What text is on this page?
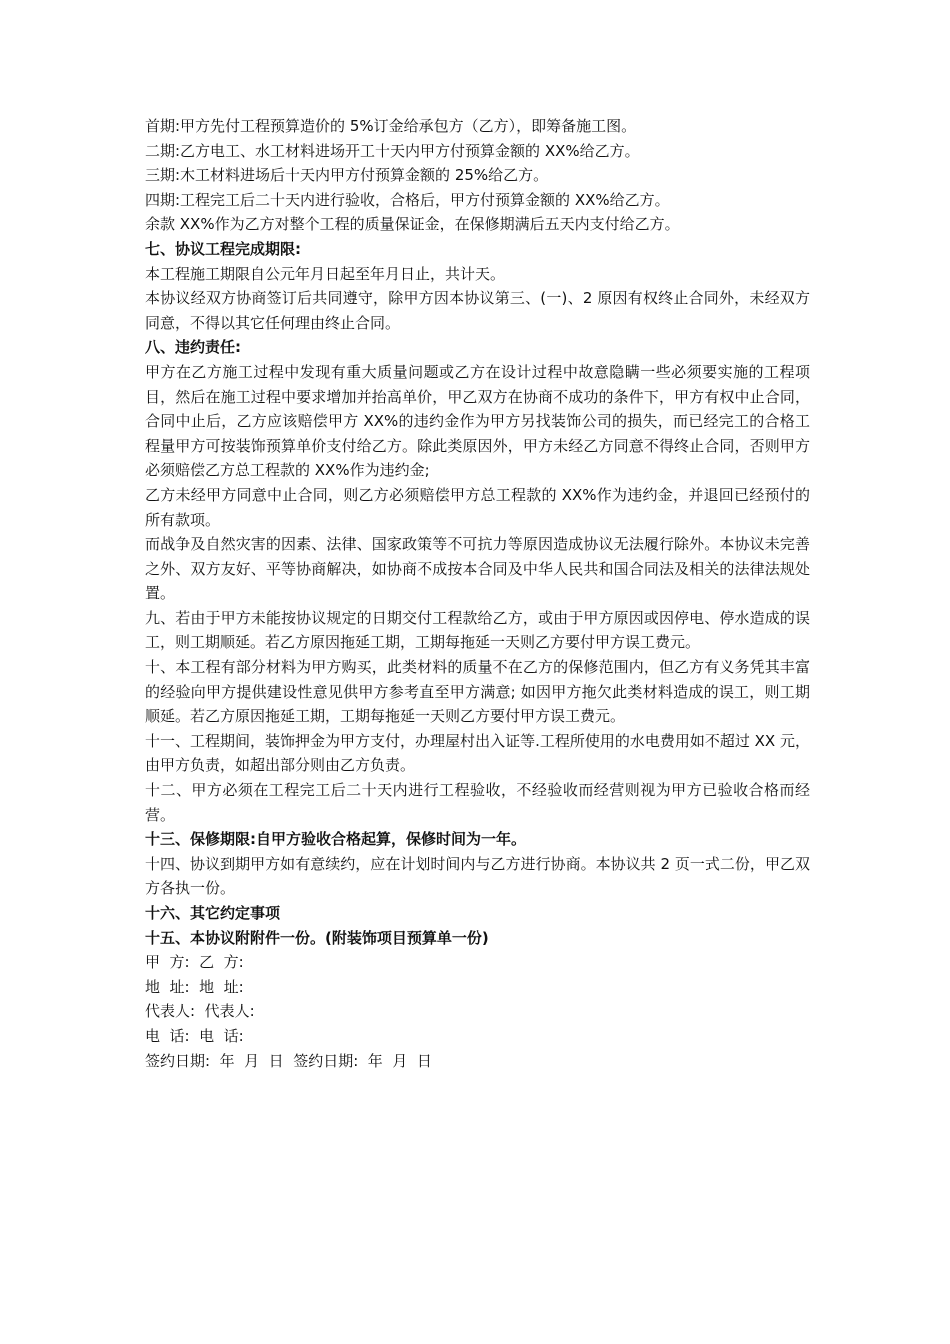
首期:甲方先付工程预算造价的 5%订金给承包方（乙方），即筹备施工图。

二期:乙方电工、水工材料进场开工十天内甲方付预算金额的 XX%给乙方。

三期:木工材料进场后十天内甲方付预算金额的 25%给乙方。

四期:工程完工后二十天内进行验收，合格后，甲方付预算金额的 XX%给乙方。

余款 XX%作为乙方对整个工程的质量保证金，在保修期满后五天内支付给乙方。

七、协议工程完成期限:

本工程施工期限自公元年月日起至年月日止，共计天。

本协议经双方协商签订后共同遵守，除甲方因本协议第三、(一)、2 原因有权终止合同外，未经双方同意，不得以其它任何理由终止合同。

八、违约责任:

甲方在乙方施工过程中发现有重大质量问题或乙方在设计过程中故意隐瞒一些必须要实施的工程项目，然后在施工过程中要求增加并抬高单价，甲乙双方在协商不成功的条件下，甲方有权中止合同，合同中止后，乙方应该赔偿甲方 XX%的违约金作为甲方另找装饰公司的损失，而已经完工的合格工程量甲方可按装饰预算单价支付给乙方。除此类原因外，甲方未经乙方同意不得终止合同，否则甲方必须赔偿乙方总工程款的 XX%作为违约金;

乙方未经甲方同意中止合同，则乙方必须赔偿甲方总工程款的 XX%作为违约金，并退回已经预付的所有款项。

而战争及自然灾害的因素、法律、国家政策等不可抗力等原因造成协议无法履行除外。本协议未完善之外、双方友好、平等协商解决，如协商不成按本合同及中华人民共和国合同法及相关的法律法规处置。

九、若由于甲方未能按协议规定的日期交付工程款给乙方，或由于甲方原因或因停电、停水造成的误工，则工期顺延。若乙方原因拖延工期，工期每拖延一天则乙方要付甲方误工费元。

十、本工程有部分材料为甲方购买，此类材料的质量不在乙方的保修范围内，但乙方有义务凭其丰富的经验向甲方提供建设性意见供甲方参考直至甲方满意; 如因甲方拖欠此类材料造成的误工，则工期顺延。若乙方原因拖延工期，工期每拖延一天则乙方要付甲方误工费元。

十一、工程期间，装饰押金为甲方支付，办理屋村出入证等.工程所使用的水电费用如不超过 XX 元，由甲方负责，如超出部分则由乙方负责。

十二、甲方必须在工程完工后二十天内进行工程验收，不经验收而经营则视为甲方已验收合格而经营。

十三、保修期限:自甲方验收合格起算，保修时间为一年。

十四、协议到期甲方如有意续约，应在计划时间内与乙方进行协商。本协议共 2 页一式二份，甲乙双方各执一份。

十六、其它约定事项

十五、本协议附附件一份。(附装饰项目预算单一份)

甲  方:  乙  方:

地  址:  地  址:

代表人:  代表人:

电  话:  电  话:

签约日期:  年  月  日  签约日期:  年  月  日
